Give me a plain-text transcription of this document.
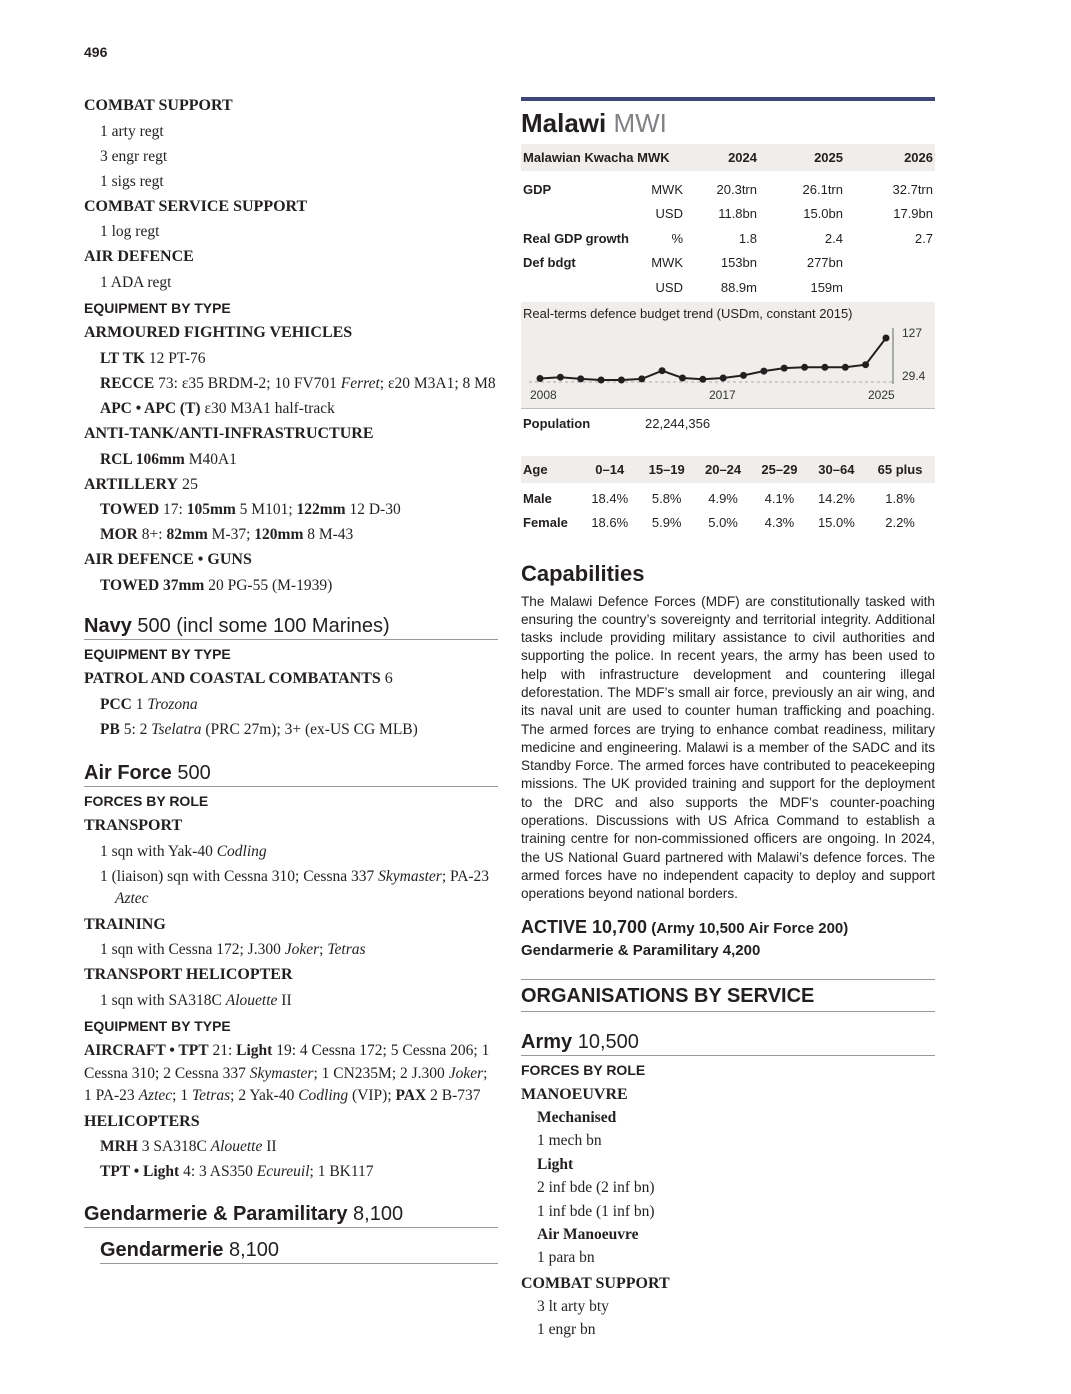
496
COMBAT SUPPORT
1 arty regt
3 engr regt
1 sigs regt
COMBAT SERVICE SUPPORT
1 log regt
AIR DEFENCE
1 ADA regt
EQUIPMENT BY TYPE
ARMOURED FIGHTING VEHICLES
LT TK 12 PT-76
RECCE 73: ε35 BRDM-2; 10 FV701 Ferret; ε20 M3A1; 8 M8
APC • APC (T) ε30 M3A1 half-track
ANTI-TANK/ANTI-INFRASTRUCTURE
RCL 106mm M40A1
ARTILLERY 25
TOWED 17: 105mm 5 M101; 122mm 12 D-30
MOR 8+: 82mm M-37; 120mm 8 M-43
AIR DEFENCE • GUNS
TOWED 37mm 20 PG-55 (M-1939)
Navy 500 (incl some 100 Marines)
EQUIPMENT BY TYPE
PATROL AND COASTAL COMBATANTS 6
PCC 1 Trozona
PB 5: 2 Tselatra (PRC 27m); 3+ (ex-US CG MLB)
Air Force 500
FORCES BY ROLE
TRANSPORT
1 sqn with Yak-40 Codling
1 (liaison) sqn with Cessna 310; Cessna 337 Skymaster; PA-23 Aztec
TRAINING
1 sqn with Cessna 172; J.300 Joker; Tetras
TRANSPORT HELICOPTER
1 sqn with SA318C Alouette II
EQUIPMENT BY TYPE
AIRCRAFT • TPT 21: Light 19: 4 Cessna 172; 5 Cessna 206; 1 Cessna 310; 2 Cessna 337 Skymaster; 1 CN235M; 2 J.300 Joker; 1 PA-23 Aztec; 1 Tetras; 2 Yak-40 Codling (VIP); PAX 2 B-737
HELICOPTERS
MRH 3 SA318C Alouette II
TPT • Light 4: 3 AS350 Ecureuil; 1 BK117
Gendarmerie & Paramilitary 8,100
Gendarmerie 8,100
Malawi MWI
Malawian Kwacha MWK		2024	2025	2026
GDP	MWK	20.3trn	26.1trn	32.7trn
	USD	11.8bn	15.0bn	17.9bn
Real GDP growth	%	1.8	2.4	2.7
Def bdgt	MWK	153bn	277bn	
	USD	88.9m	159m	
Real-terms defence budget trend (USDm, constant 2015)
127
29.4
2008	2017	2025
Population	22,244,356
Age	0–14	15–19	20–24	25–29	30–64	65 plus
Male	18.4%	5.8%	4.9%	4.1%	14.2%	1.8%
Female	18.6%	5.9%	5.0%	4.3%	15.0%	2.2%
Capabilities
The Malawi Defence Forces (MDF) are constitutionally tasked with ensuring the country’s sovereignty and territorial integrity. Additional tasks include providing military assistance to civil authorities and supporting the police. In recent years, the army has been used to help with infrastructure development and countering illegal deforestation. The MDF’s small air force, previously an air wing, and its naval unit are used to counter human trafficking and poaching. The armed forces are trying to enhance combat readiness, military medicine and engineering. Malawi is a member of the SADC and its Standby Force. The armed forces have contributed to peacekeeping missions. The UK provided training and support for the deployment to the DRC and also supports the MDF’s counter-poaching operations. Discussions with US Africa Command to establish a training centre for non-commissioned officers are ongoing. In 2024, the US National Guard partnered with Malawi’s defence forces. The armed forces have no independent capacity to deploy and support operations beyond national borders.
ACTIVE 10,700 (Army 10,500 Air Force 200)
Gendarmerie & Paramilitary 4,200
ORGANISATIONS BY SERVICE
Army 10,500
FORCES BY ROLE
MANOEUVRE
Mechanised
1 mech bn
Light
2 inf bde (2 inf bn)
1 inf bde (1 inf bn)
Air Manoeuvre
1 para bn
COMBAT SUPPORT
3 lt arty bty
1 engr bn
